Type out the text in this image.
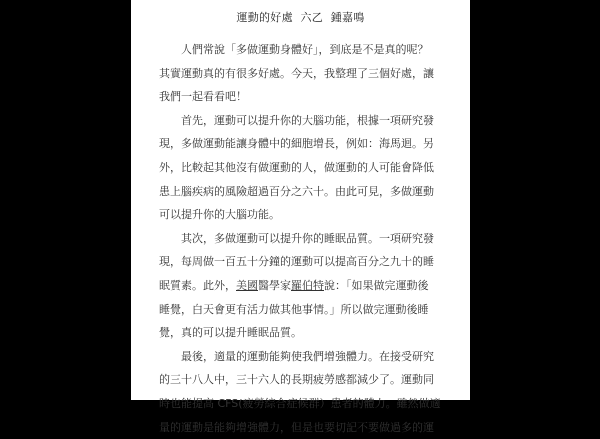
運動的好處  六乙  鍾嘉鳴
人們常說「多做運動身體好」，到底是不是真的呢？
其實運動真的有很多好處。今天，我整理了三個好處，讓
我們一起看看吧！
首先，運動可以提升你的大腦功能，根據一項研究發
現，多做運動能讓身體中的細胞增長，例如：海馬迴。另
外，比較起其他沒有做運動的人，做運動的人可能會降低
患上腦疾病的風險超過百分之六十。由此可見，多做運動
可以提升你的大腦功能。
其次，多做運動可以提升你的睡眠品質。一項研究發
現，每周做一百五十分鐘的運動可以提高百分之九十的睡
眠質素。此外，美國醫學家羅伯特說：「如果做完運動後
睡覺，白天會更有活力做其他事情。」所以做完運動後睡
覺，真的可以提升睡眠品質。
最後，適量的運動能夠使我們增強體力。在接受研究
的三十八人中，三十六人的長期疲勞感都減少了。運動同
時也能提高 CFS(疲勞綜合症候群）患者的體力。雖然做適
量的運動是能夠增強體力，但是也要切記不要做過多的運
